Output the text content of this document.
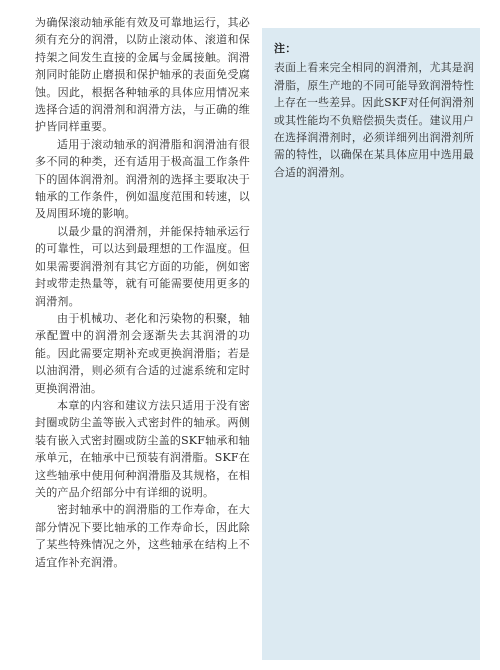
为确保滚动轴承能有效及可靠地运行，其必须有充分的润滑，以防止滚动体、滚道和保持架之间发生直接的金属与金属接触。润滑剂同时能防止磨损和保护轴承的表面免受腐蚀。因此，根据各种轴承的具体应用情况来选择合适的润滑剂和润滑方法，与正确的维护皆同样重要。

适用于滚动轴承的润滑脂和润滑油有很多不同的种类，还有适用于极高温工作条件下的固体润滑剂。润滑剂的选择主要取决于轴承的工作条件，例如温度范围和转速，以及周围环境的影响。

以最少量的润滑剂，并能保持轴承运行的可靠性，可以达到最理想的工作温度。但如果需要润滑剂有其它方面的功能，例如密封或带走热量等，就有可能需要使用更多的润滑剂。

由于机械功、老化和污染物的积聚，轴承配置中的润滑剂会逐渐失去其润滑的功能。因此需要定期补充或更换润滑脂；若是以油润滑，则必须有合适的过滤系统和定时更换润滑油。

本章的内容和建议方法只适用于没有密封圈或防尘盖等嵌入式密封件的轴承。两侧装有嵌入式密封圈或防尘盖的SKF轴承和轴承单元，在轴承中已预装有润滑脂。SKF在这些轴承中使用何种润滑脂及其规格，在相关的产品介绍部分中有详细的说明。

密封轴承中的润滑脂的工作寿命，在大部分情况下要比轴承的工作寿命长，因此除了某些特殊情况之外，这些轴承在结构上不适宜作补充润滑。

注：

表面上看来完全相同的润滑剂，尤其是润滑脂，原生产地的不同可能导致润滑特性上存在一些差异。因此SKF对任何润滑剂或其性能均不负赔偿损失责任。建议用户在选择润滑剂时，必须详细列出润滑剂所需的特性，以确保在某具体应用中选用最合适的润滑剂。
